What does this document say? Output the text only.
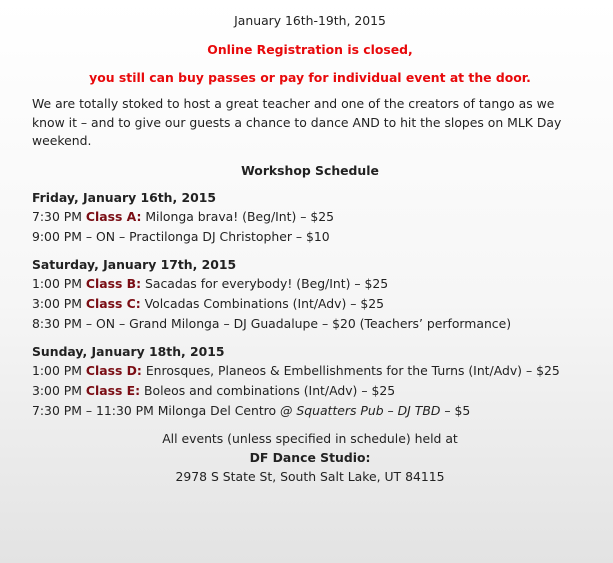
January 16th-19th, 2015

Online Registration is closed,

you still can buy passes or pay for individual event at the door.

We are totally stoked to host a great teacher and one of the creators of tango as we know it – and to give our guests a chance to dance AND to hit the slopes on MLK Day weekend.

Workshop Schedule

Friday, January 16th, 2015

7:30 PM Class A: Milonga brava! (Beg/Int) – $25

9:00 PM – ON – Practilonga DJ Christopher – $10

Saturday, January 17th, 2015

1:00 PM Class B: Sacadas for everybody! (Beg/Int) – $25

3:00 PM Class C: Volcadas Combinations (Int/Adv) – $25

8:30 PM – ON – Grand Milonga – DJ Guadalupe – $20 (Teachers’ performance)

Sunday, January 18th, 2015

1:00 PM Class D: Enrosques, Planeos & Embellishments for the Turns (Int/Adv) – $25

3:00 PM Class E: Boleos and combinations (Int/Adv) – $25

7:30 PM – 11:30 PM Milonga Del Centro @ Squatters Pub – DJ TBD – $5

All events (unless specified in schedule) held at

DF Dance Studio:

2978 S State St, South Salt Lake, UT 84115
